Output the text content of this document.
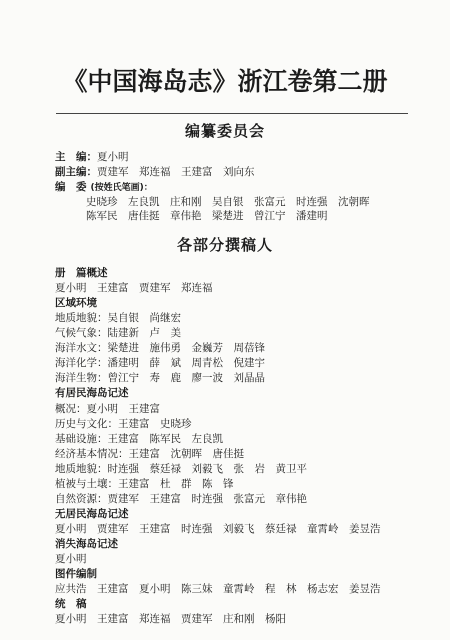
《中国海岛志》浙江卷第二册
编纂委员会
主　编：夏小明
副主编：贾建军　郑连福　王建富　刘向东
编　委 (按姓氏笔画)：
史晓珍　左良凯　庄和刚　吴自银　张富元　时连强　沈朝晖
陈军民　唐佳挺　章伟艳　梁楚进　曾江宁　潘建明
各部分撰稿人
册　篇概述
夏小明　王建富　贾建军　郑连福
区域环境
地质地貌：吴自银　尚继宏
气候气象：陆建新　卢　美
海洋水文：梁楚进　施伟勇　金巍芳　周蓓锋
海洋化学：潘建明　薛　斌　周青松　倪建宇
海洋生物：曾江宁　寿　鹿　廖一波　刘晶晶
有居民海岛记述
概况：夏小明　王建富
历史与文化：王建富　史晓珍
基础设施：王建富　陈军民　左良凯
经济基本情况：王建富　沈朝晖　唐佳挺
地质地貌：时连强　蔡廷禄　刘毅飞　张　岩　黄卫平
植被与土壤：王建富　杜　群　陈　锋
自然资源：贾建军　王建富　时连强　张富元　章伟艳
无居民海岛记述
夏小明　贾建军　王建富　时连强　刘毅飞　蔡廷禄　童霄岭　姜昱浩
消失海岛记述
夏小明
图件编制
应共浩　王建富　夏小明　陈三妹　童霄岭　程　林　杨志宏　姜昱浩
统　稿
夏小明　王建富　郑连福　贾建军　庄和刚　杨阳
